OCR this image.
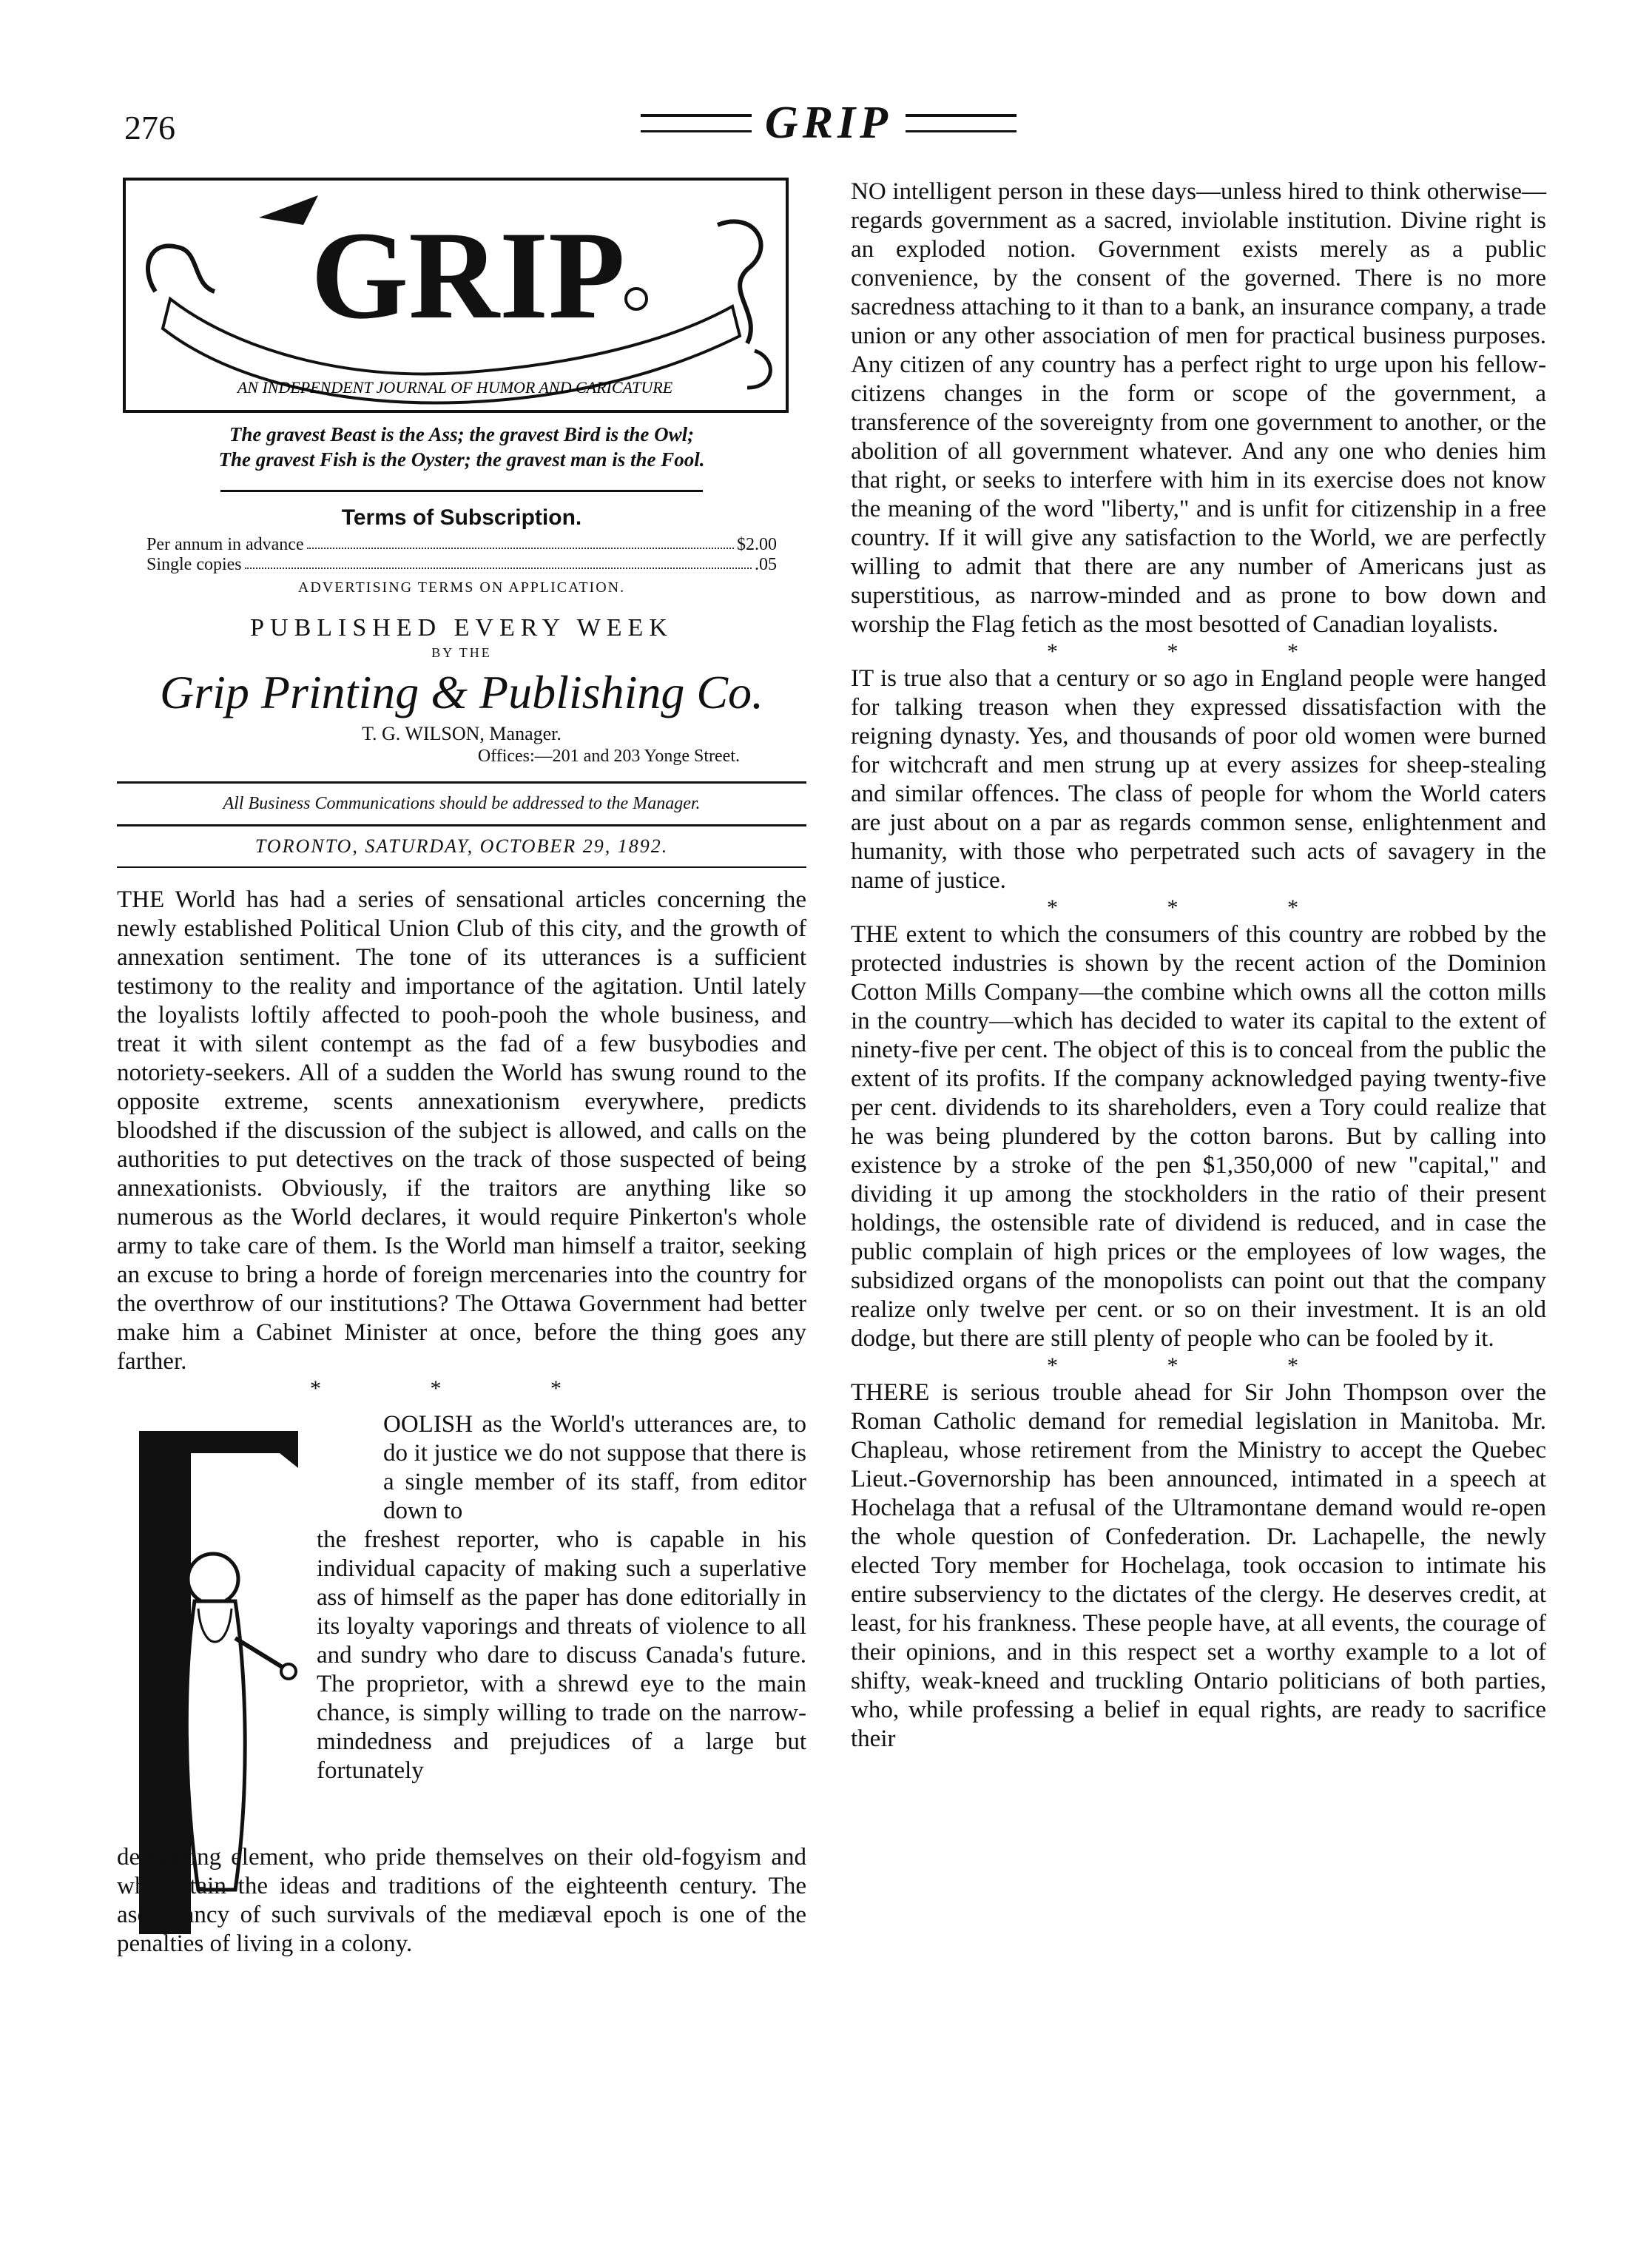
276	GRIP
GRIP
AN INDEPENDENT JOURNAL OF HUMOR AND CARICATURE

The gravest Beast is the Ass; the gravest Bird is the Owl;

The gravest Fish is the Oyster; the gravest man is the Fool.

Terms of Subscription.
Per annum in advance	$2.00
Single copies	.05
ADVERTISING TERMS ON APPLICATION.
PUBLISHED EVERY WEEK
BY THE
Grip Printing & Publishing Co.
T. G. WILSON, Manager.
Offices:—201 and 203 Yonge Street.
All Business Communications should be addressed to the Manager.
TORONTO, SATURDAY, OCTOBER 29, 1892.

THE World has had a series of sensational articles concerning the newly established Political Union Club of this city, and the growth of annexation sentiment. The tone of its utterances is a sufficient testimony to the reality and importance of the agitation. Until lately the loyalists loftily affected to pooh-pooh the whole business, and treat it with silent contempt as the fad of a few busybodies and notoriety-seekers. All of a sudden the World has swung round to the opposite extreme, scents annexationism everywhere, predicts bloodshed if the discussion of the subject is allowed, and calls on the authorities to put detectives on the track of those suspected of being annexationists. Obviously, if the traitors are anything like so numerous as the World declares, it would require Pinkerton's whole army to take care of them. Is the World man himself a traitor, seeking an excuse to bring a horde of foreign mercenaries into the country for the overthrow of our institutions? The Ottawa Government had better make him a Cabinet Minister at once, before the thing goes any farther.

* * *

OOLISH as the World's utterances are, to do it justice we do not suppose that there is a single member of its staff, from editor down to

the freshest reporter, who is capable in his individual capacity of making such a superlative ass of himself as the paper has done editorially in its loyalty vaporings and threats of violence to all and sundry who dare to discuss Canada's future. The proprietor, with a shrewd eye to the main chance, is simply willing to trade on the narrow-mindedness and prejudices of a large but fortunately

decreasing element, who pride themselves on their old-fogyism and who retain the ideas and traditions of the eighteenth century. The ascendancy of such survivals of the mediæval epoch is one of the penalties of living in a colony.

NO intelligent person in these days—unless hired to think otherwise—regards government as a sacred, inviolable institution. Divine right is an exploded notion. Government exists merely as a public convenience, by the consent of the governed. There is no more sacredness attaching to it than to a bank, an insurance company, a trade union or any other association of men for practical business purposes. Any citizen of any country has a perfect right to urge upon his fellow-citizens changes in the form or scope of the government, a transference of the sovereignty from one government to another, or the abolition of all government whatever. And any one who denies him that right, or seeks to interfere with him in its exercise does not know the meaning of the word "liberty," and is unfit for citizenship in a free country. If it will give any satisfaction to the World, we are perfectly willing to admit that there are any number of Americans just as superstitious, as narrow-minded and as prone to bow down and worship the Flag fetich as the most besotted of Canadian loyalists.

* * *

IT is true also that a century or so ago in England people were hanged for talking treason when they expressed dissatisfaction with the reigning dynasty. Yes, and thousands of poor old women were burned for witchcraft and men strung up at every assizes for sheep-stealing and similar offences. The class of people for whom the World caters are just about on a par as regards common sense, enlightenment and humanity, with those who perpetrated such acts of savagery in the name of justice.

* * *

THE extent to which the consumers of this country are robbed by the protected industries is shown by the recent action of the Dominion Cotton Mills Company—the combine which owns all the cotton mills in the country—which has decided to water its capital to the extent of ninety-five per cent. The object of this is to conceal from the public the extent of its profits. If the company acknowledged paying twenty-five per cent. dividends to its shareholders, even a Tory could realize that he was being plundered by the cotton barons. But by calling into existence by a stroke of the pen $1,350,000 of new "capital," and dividing it up among the stockholders in the ratio of their present holdings, the ostensible rate of dividend is reduced, and in case the public complain of high prices or the employees of low wages, the subsidized organs of the monopolists can point out that the company realize only twelve per cent. or so on their investment. It is an old dodge, but there are still plenty of people who can be fooled by it.

* * *

THERE is serious trouble ahead for Sir John Thompson over the Roman Catholic demand for remedial legislation in Manitoba. Mr. Chapleau, whose retirement from the Ministry to accept the Quebec Lieut.-Governorship has been announced, intimated in a speech at Hochelaga that a refusal of the Ultramontane demand would re-open the whole question of Confederation. Dr. Lachapelle, the newly elected Tory member for Hochelaga, took occasion to intimate his entire subserviency to the dictates of the clergy. He deserves credit, at least, for his frankness. These people have, at all events, the courage of their opinions, and in this respect set a worthy example to a lot of shifty, weak-kneed and truckling Ontario politicians of both parties, who, while professing a belief in equal rights, are ready to sacrifice their
